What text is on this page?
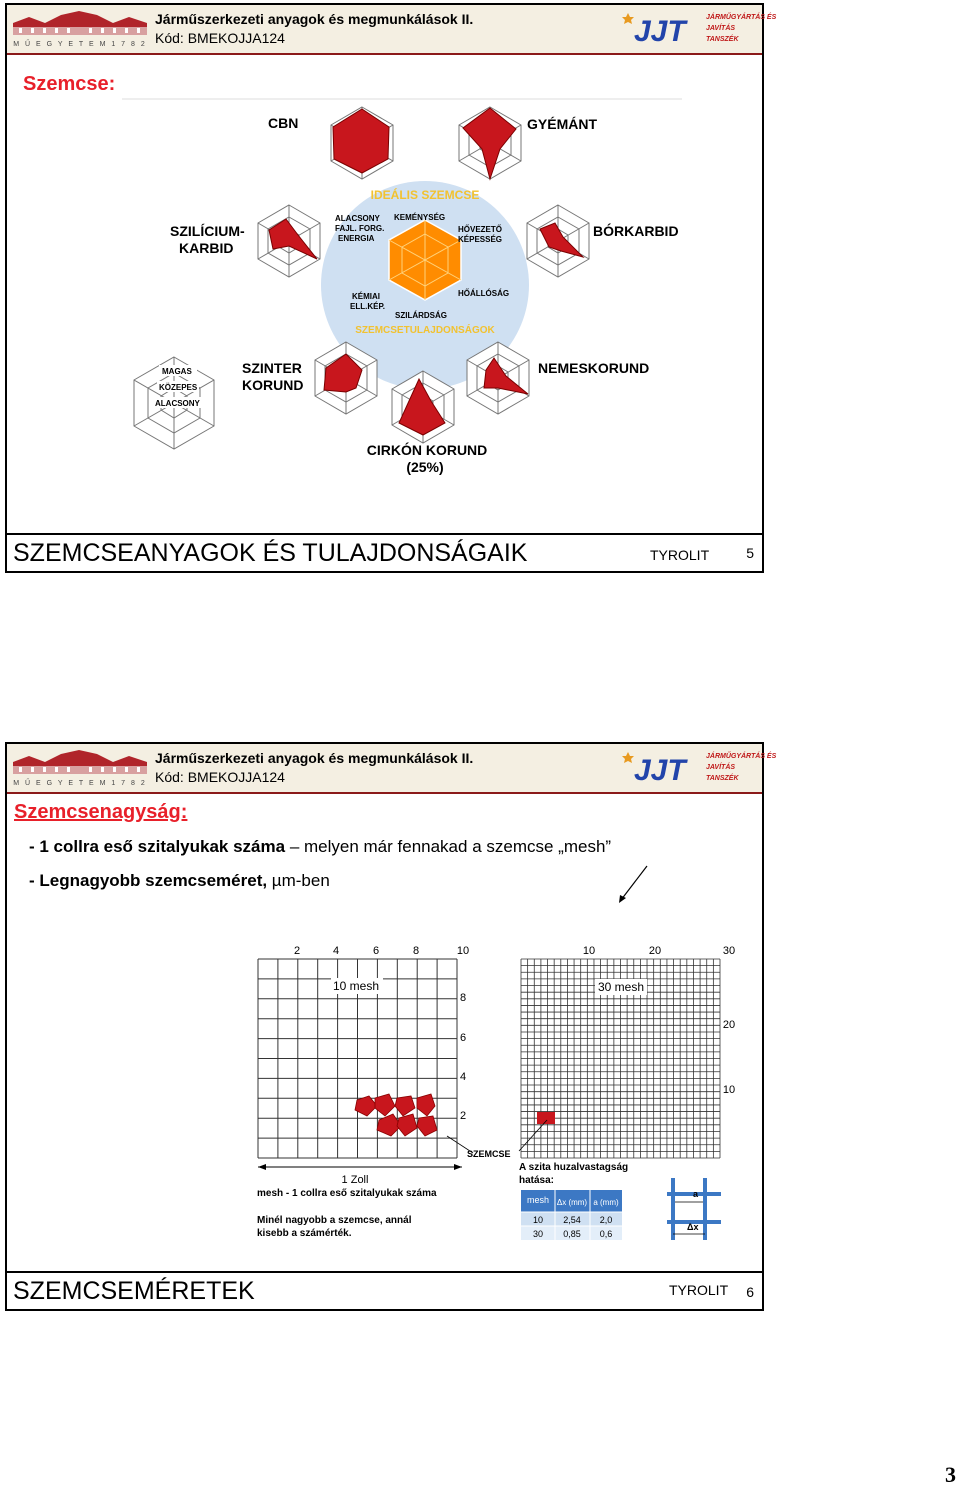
M Ű E G Y E T E M 1 7 8 2
Járműszerkezeti anyagok és megmunkálások II.
Kód: BMEKOJJA124	JJT	JÁRMŰGYÁRTÁS ÉS
JAVÍTÁS
TANSZÉK
Szemcse:
CBN	GYÉMÁNT
SZILÍCIUM-
KARBID
BÓRKARBID
IDEÁLIS SZEMCSE
ALACSONY
FAJL. FORG.
ENERGIA
KEMÉNYSÉG
HŐVEZETŐ
KÉPESSÉG
KÉMIAI
ELL.KÉP.
HŐÁLLÓSÁG
SZILÁRDSÁG
SZEMCSETULAJDONSÁGOK
SZINTER
KORUND
NEMESKORUND
CIRKÓN KORUND
(25%)
MAGAS
KÖZEPES
ALACSONY
SZEMCSEANYAGOK ÉS TULAJDONSÁGAIK	TYROLIT	5
M Ű E G Y E T E M 1 7 8 2
Járműszerkezeti anyagok és megmunkálások II.
Kód: BMEKOJJA124	JJT	JÁRMŰGYÁRTÁS ÉS
JAVÍTÁS
TANSZÉK
Szemcsenagyság:
- 1 collra eső szitalyukak száma – melyen már fennakad a szemcse „mesh”
- Legnagyobb szemcseméret, µm-ben
2	4	6	8	10
8
6
4
2
10 mesh
10	20	30
20
10
30 mesh
SZEMCSE
1 Zoll
mesh - 1 collra eső szitalyukak száma
Minél nagyobb a szemcse, annál
kisebb a számérték.
A szita huzalvastagság
hatása:
mesh Δx (mm) a (mm)
10 2,54 2,0
30 0,85 0,6
a
Δx
SZEMCSEMÉRETEK	TYROLIT 6
3
